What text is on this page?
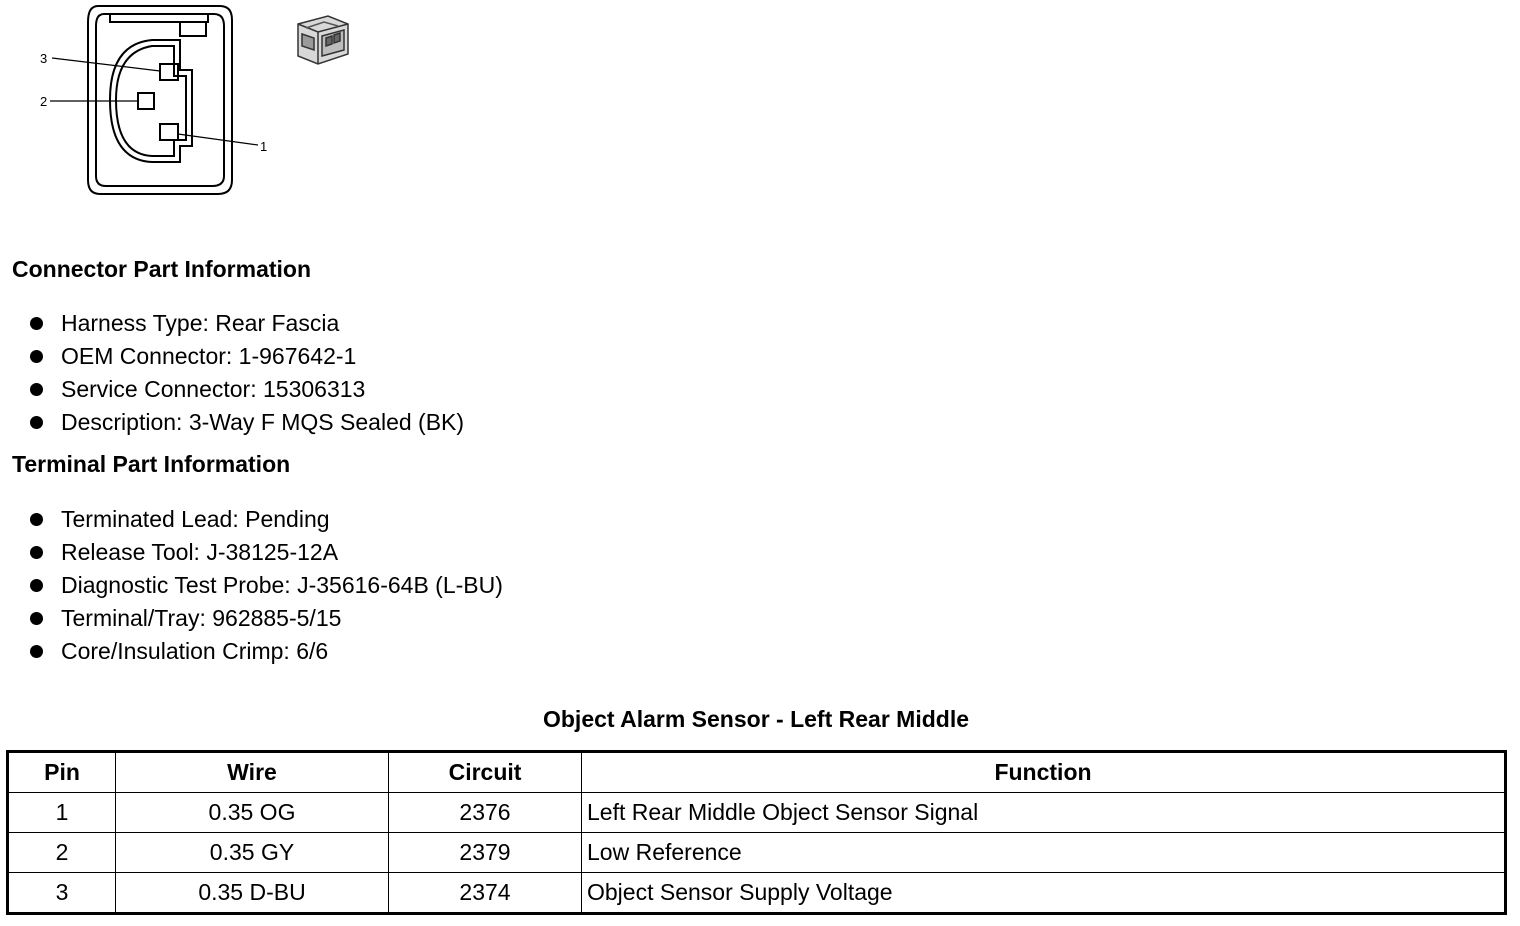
3
2
1
Connector Part Information
Harness Type: Rear Fascia
OEM Connector: 1-967642-1
Service Connector: 15306313
Description: 3-Way F MQS Sealed (BK)
Terminal Part Information
Terminated Lead: Pending
Release Tool: J-38125-12A
Diagnostic Test Probe: J-35616-64B (L-BU)
Terminal/Tray: 962885-5/15
Core/Insulation Crimp: 6/6
Object Alarm Sensor - Left Rear Middle
Pin	Wire	Circuit	Function
1	0.35 OG	2376	Left Rear Middle Object Sensor Signal
2	0.35 GY	2379	Low Reference
3	0.35 D-BU	2374	Object Sensor Supply Voltage
